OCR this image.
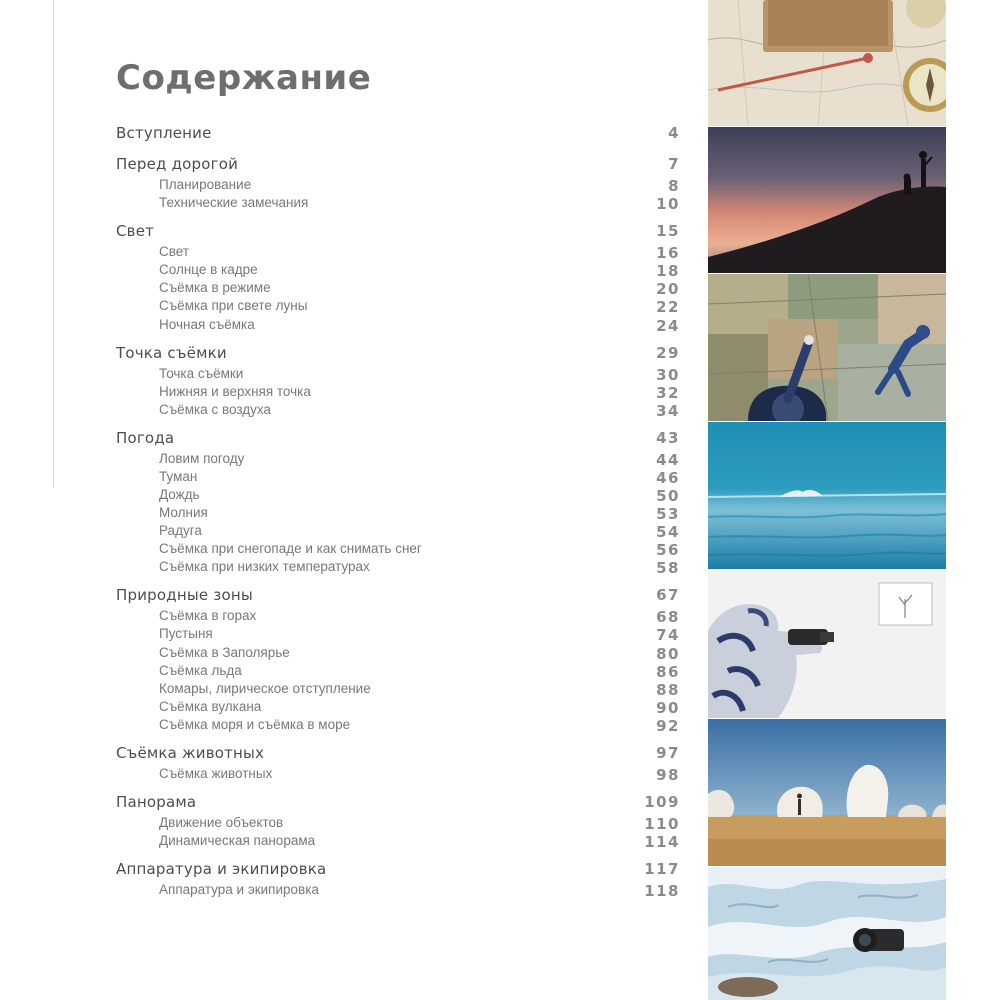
Содержание
Вступление	4
Перед дорогой	7
Планирование	8
Технические замечания	10
Свет	15
Свет	16
Солнце в кадре	18
Съёмка в режиме	20
Съёмка при свете луны	22
Ночная съёмка	24
Точка съёмки	29
Точка съёмки	30
Нижняя и верхняя точка	32
Съёмка с воздуха	34
Погода	43
Ловим погоду	44
Туман	46
Дождь	50
Молния	53
Радуга	54
Съёмка при снегопаде и как снимать снег	56
Съёмка при низких температурах	58
Природные зоны	67
Съёмка в горах	68
Пустыня	74
Съёмка в Заполярье	80
Съёмка льда	86
Комары, лирическое отступление	88
Съёмка вулкана	90
Съёмка моря и съёмка в море	92
Съёмка животных	97
Съёмка животных	98
Панорама	109
Движение объектов	110
Динамическая панорама	114
Аппаратура и экипировка	117
Аппаратура и экипировка	118
